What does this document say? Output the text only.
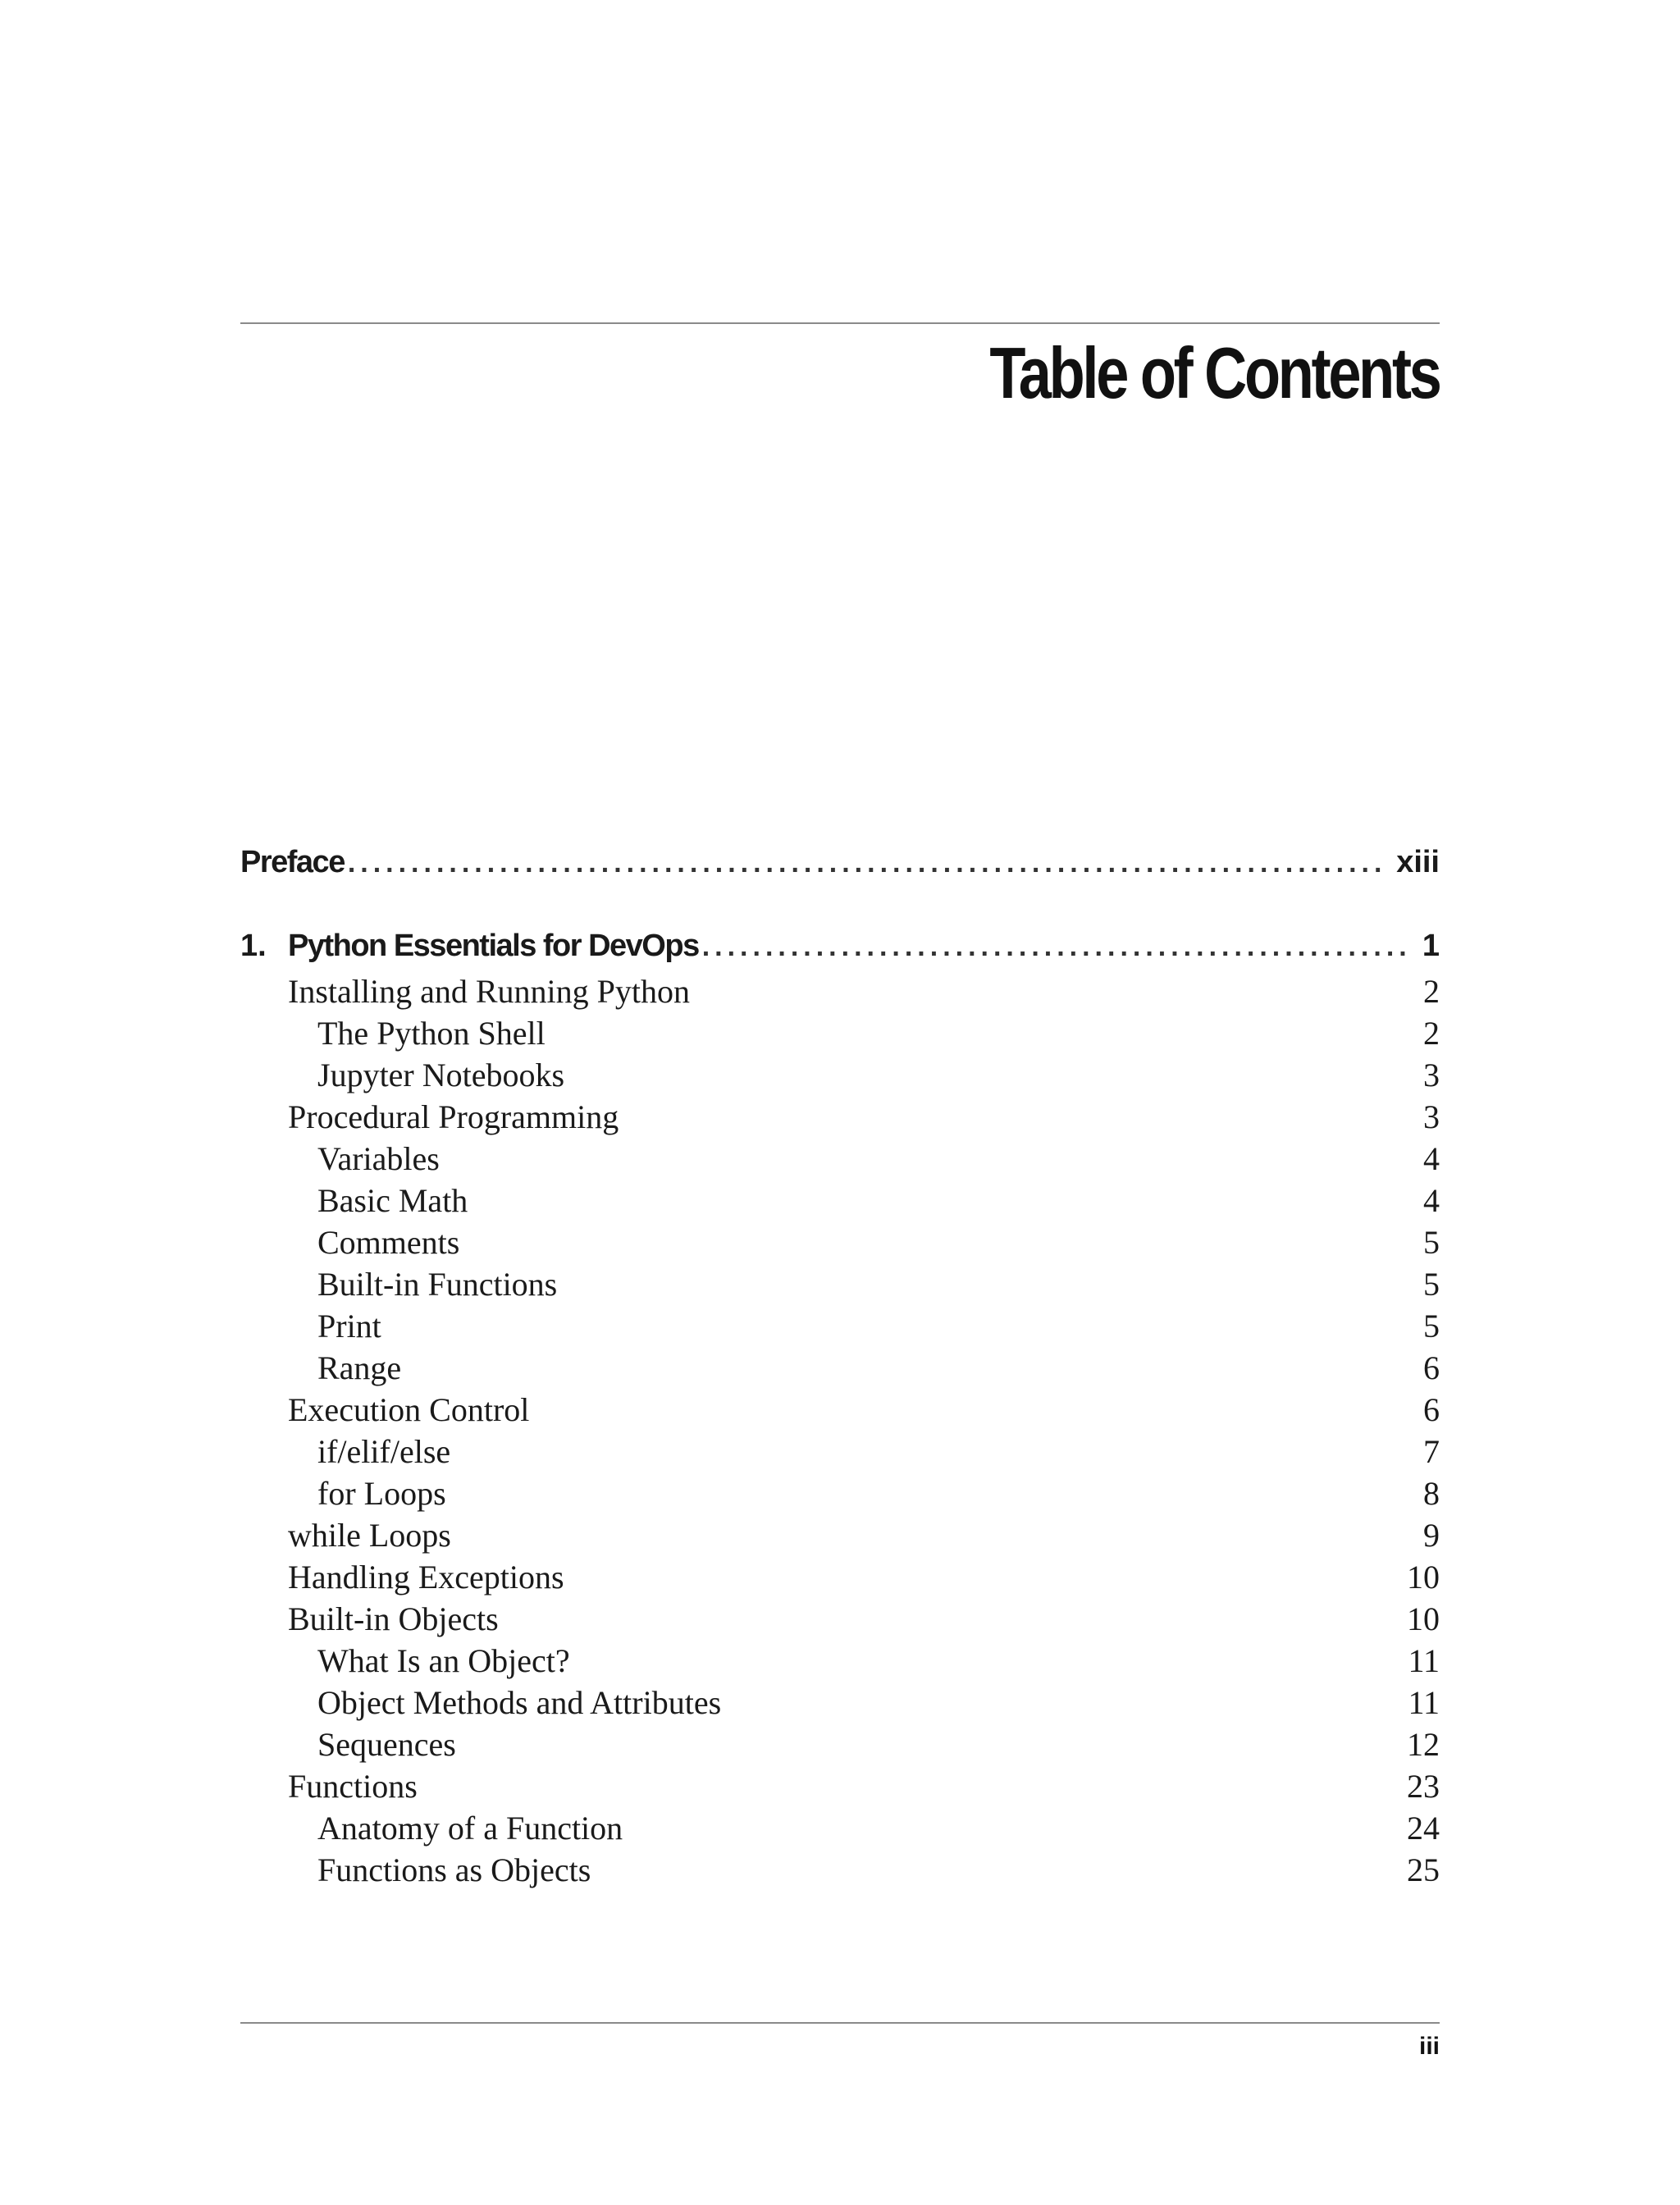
Table of Contents
Preface .....	xiii
1. Python Essentials for DevOps .....	1
Installing and Running Python	2
The Python Shell	2
Jupyter Notebooks	3
Procedural Programming	3
Variables	4
Basic Math	4
Comments	5
Built-in Functions	5
Print	5
Range	6
Execution Control	6
if/elif/else	7
for Loops	8
while Loops	9
Handling Exceptions	10
Built-in Objects	10
What Is an Object?	11
Object Methods and Attributes	11
Sequences	12
Functions	23
Anatomy of a Function	24
Functions as Objects	25
iii
